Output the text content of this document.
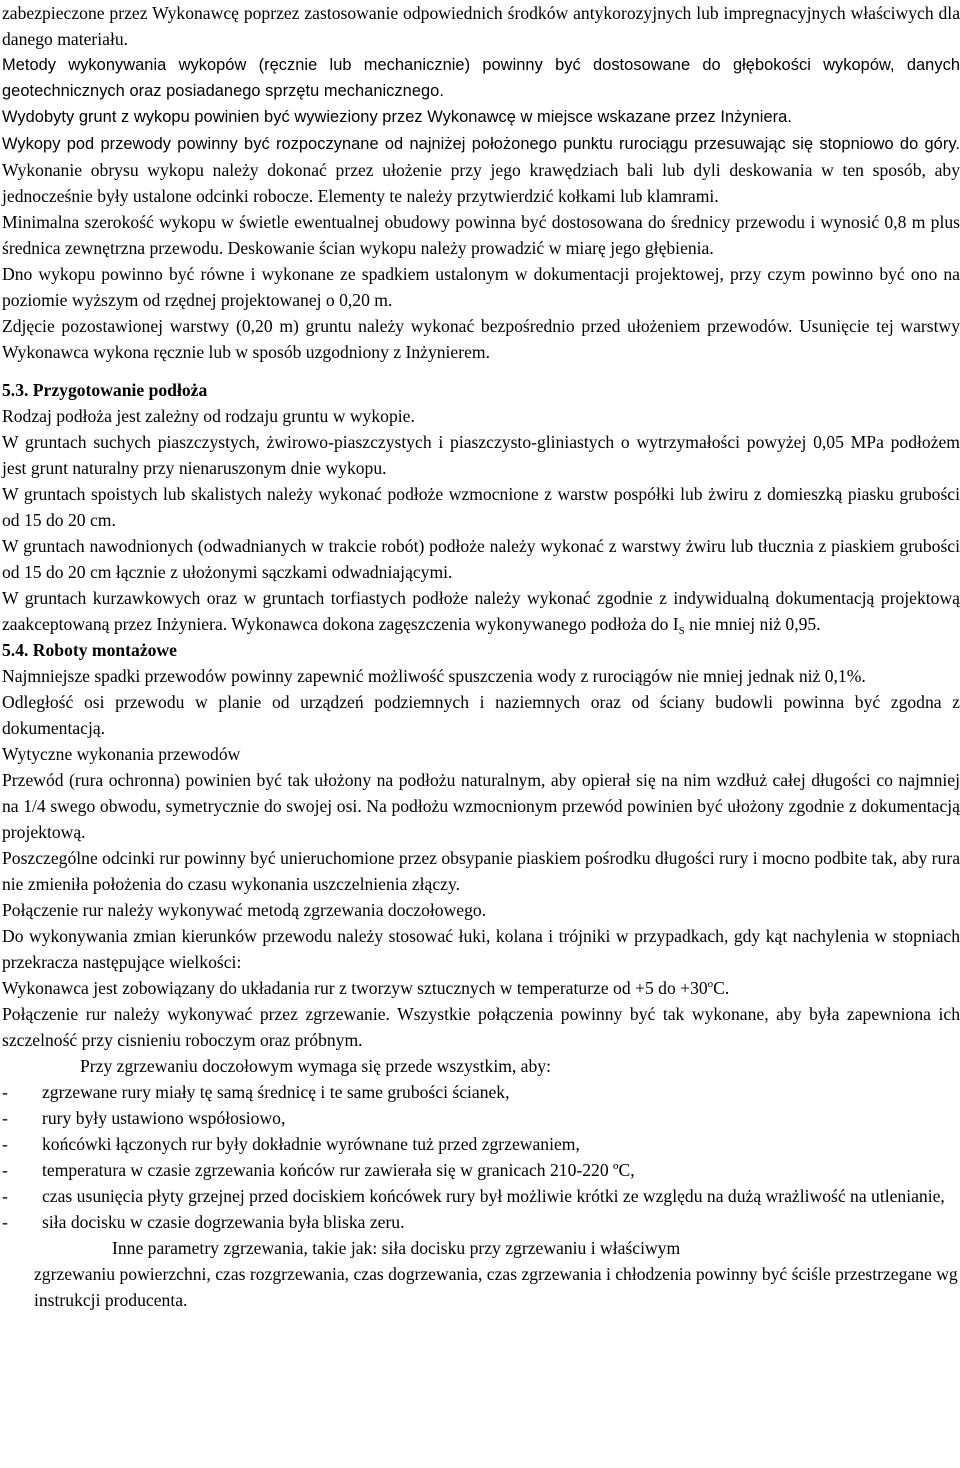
zabezpieczone przez Wykonawcę poprzez zastosowanie odpowiednich środków antykorozyjnych lub impregnacyjnych właściwych dla danego materiału.

Metody wykonywania wykopów (ręcznie lub mechanicznie) powinny być dostosowane do głębokości wykopów, danych geotechnicznych oraz posiadanego sprzętu mechanicznego.

Wydobyty grunt z wykopu powinien być wywieziony przez Wykonawcę w miejsce wskazane przez Inżyniera.

Wykopy pod przewody powinny być rozpoczynane od najniżej położonego punktu rurociągu przesuwając się stopniowo do góry. Wykonanie obrysu wykopu należy dokonać przez ułożenie przy jego krawędziach bali lub dyli deskowania w ten sposób, aby jednocześnie były ustalone odcinki robocze. Elementy te należy przytwierdzić kołkami lub klamrami.

Minimalna szerokość wykopu w świetle ewentualnej obudowy powinna być dostosowana do średnicy przewodu i wynosić 0,8 m plus średnica zewnętrzna przewodu. Deskowanie ścian wykopu należy prowadzić w miarę jego głębienia.

Dno wykopu powinno być równe i wykonane ze spadkiem ustalonym w dokumentacji projektowej, przy czym powinno być ono na poziomie wyższym od rzędnej projektowanej o 0,20 m.

Zdjęcie pozostawionej warstwy (0,20 m) gruntu należy wykonać bezpośrednio przed ułożeniem przewodów. Usunięcie tej warstwy Wykonawca wykona ręcznie lub w sposób uzgodniony z Inżynierem.

5.3. Przygotowanie podłoża

Rodzaj podłoża jest zależny od rodzaju gruntu w wykopie.

W gruntach suchych piaszczystych, żwirowo-piaszczystych i piaszczysto-gliniastych o wytrzymałości powyżej 0,05 MPa podłożem jest grunt naturalny przy nienaruszonym dnie wykopu.

W gruntach spoistych lub skalistych należy wykonać podłoże wzmocnione z warstw pospółki lub żwiru z domieszką piasku grubości od 15 do 20 cm.

W gruntach nawodnionych (odwadnianych w trakcie robót) podłoże należy wykonać z warstwy żwiru lub tłucznia z piaskiem grubości od 15 do 20 cm łącznie z ułożonymi sączkami odwadniającymi.

W gruntach kurzawkowych oraz w gruntach torfiastych podłoże należy wykonać zgodnie z indywidualną dokumentacją projektową zaakceptowaną przez Inżyniera. Wykonawca dokona zagęszczenia wykonywanego podłoża do $I_S$ nie mniej niż 0,95.

5.4. Roboty montażowe

Najmniejsze spadki przewodów powinny zapewnić możliwość spuszczenia wody z rurociągów nie mniej jednak niż 0,1%.

Odległość osi przewodu w planie od urządzeń podziemnych i naziemnych oraz od ściany budowli powinna być zgodna z dokumentacją.

Wytyczne wykonania przewodów

Przewód (rura ochronna) powinien być tak ułożony na podłożu naturalnym, aby opierał się na nim wzdłuż całej długości co najmniej na 1/4 swego obwodu, symetrycznie do swojej osi. Na podłożu wzmocnionym przewód powinien być ułożony zgodnie z dokumentacją projektową.

Poszczególne odcinki rur powinny być unieruchomione przez obsypanie piaskiem pośrodku długości rury i mocno podbite tak, aby rura nie zmieniła położenia do czasu wykonania uszczelnienia złączy.

Połączenie rur należy wykonywać metodą zgrzewania doczołowego.

Do wykonywania zmian kierunków przewodu należy stosować łuki, kolana i trójniki w przypadkach, gdy kąt nachylenia w stopniach przekracza następujące wielkości:

Wykonawca jest zobowiązany do układania rur z tworzyw sztucznych w temperaturze od +5 do $+30^oC$.

Połączenie rur należy wykonywać przez zgrzewanie. Wszystkie połączenia powinny być tak wykonane, aby była zapewniona ich szczelność przy cisnieniu roboczym oraz próbnym.

Przy zgrzewaniu doczołowym wymaga się przede wszystkim, aby:

-	zgrzewane rury miały tę samą średnicę i te same grubości ścianek,
-	rury były ustawiono współosiowo,
-	końcówki łączonych rur były dokładnie wyrównane tuż przed zgrzewaniem,
-	temperatura w czasie zgrzewania końców rur zawierała się w granicach 210-220 ºC,
-	czas usunięcia płyty grzejnej przed dociskiem końcówek rury był możliwie krótki ze względu na dużą wrażliwość na utlenianie,
-	siła docisku w czasie dogrzewania była bliska zeru.

Inne parametry zgrzewania, takie jak: siła docisku przy zgrzewaniu i właściwym

zgrzewaniu powierzchni, czas rozgrzewania, czas dogrzewania, czas zgrzewania i chłodzenia powinny być ściśle przestrzegane wg instrukcji producenta.
